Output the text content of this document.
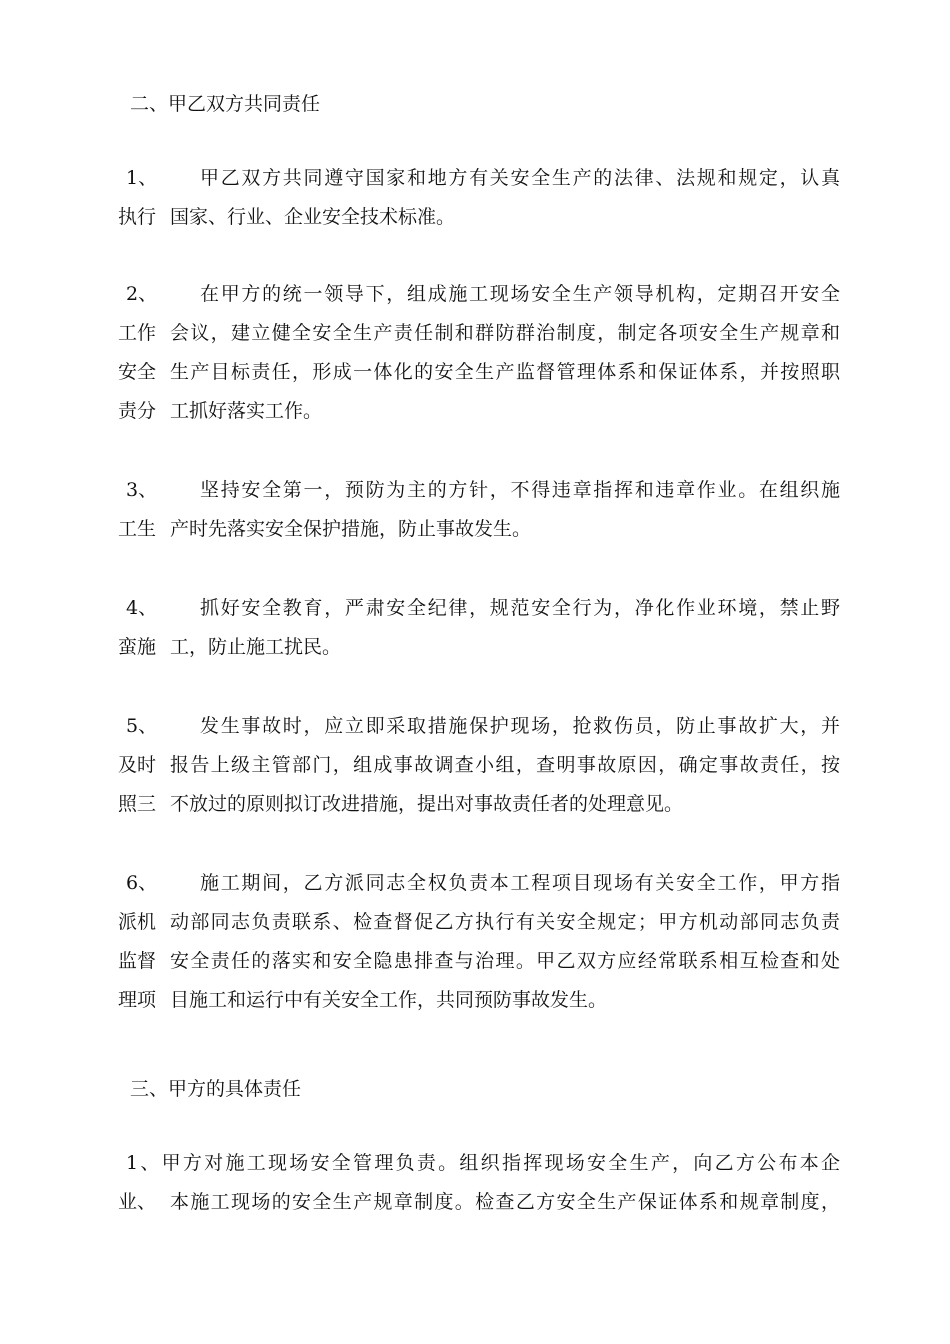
二、甲乙双方共同责任
1、 甲乙双方共同遵守国家和地方有关安全生产的法律、法规和规定，认真
执行 国家、行业、企业安全技术标准。
2、 在甲方的统一领导下，组成施工现场安全生产领导机构，定期召开安全
工作 会议，建立健全安全生产责任制和群防群治制度，制定各项安全生产规章和
安全 生产目标责任，形成一体化的安全生产监督管理体系和保证体系，并按照职
责分 工抓好落实工作。
3、 坚持安全第一，预防为主的方针，不得违章指挥和违章作业。在组织施
工生 产时先落实安全保护措施，防止事故发生。
4、 抓好安全教育，严肃安全纪律，规范安全行为，净化作业环境，禁止野
蛮施 工，防止施工扰民。
5、 发生事故时，应立即采取措施保护现场，抢救伤员，防止事故扩大，并
及时 报告上级主管部门，组成事故调查小组，查明事故原因，确定事故责任，按
照三 不放过的原则拟订改进措施，提出对事故责任者的处理意见。
6、 施工期间，乙方派同志全权负责本工程项目现场有关安全工作，甲方指
派机 动部同志负责联系、检查督促乙方执行有关安全规定；甲方机动部同志负责
监督 安全责任的落实和安全隐患排查与治理。甲乙双方应经常联系相互检查和处
理项 目施工和运行中有关安全工作，共同预防事故发生。
三、甲方的具体责任
1、甲方对施工现场安全管理负责。组织指挥现场安全生产，向乙方公布本企
业、 本施工现场的安全生产规章制度。检查乙方安全生产保证体系和规章制度，
